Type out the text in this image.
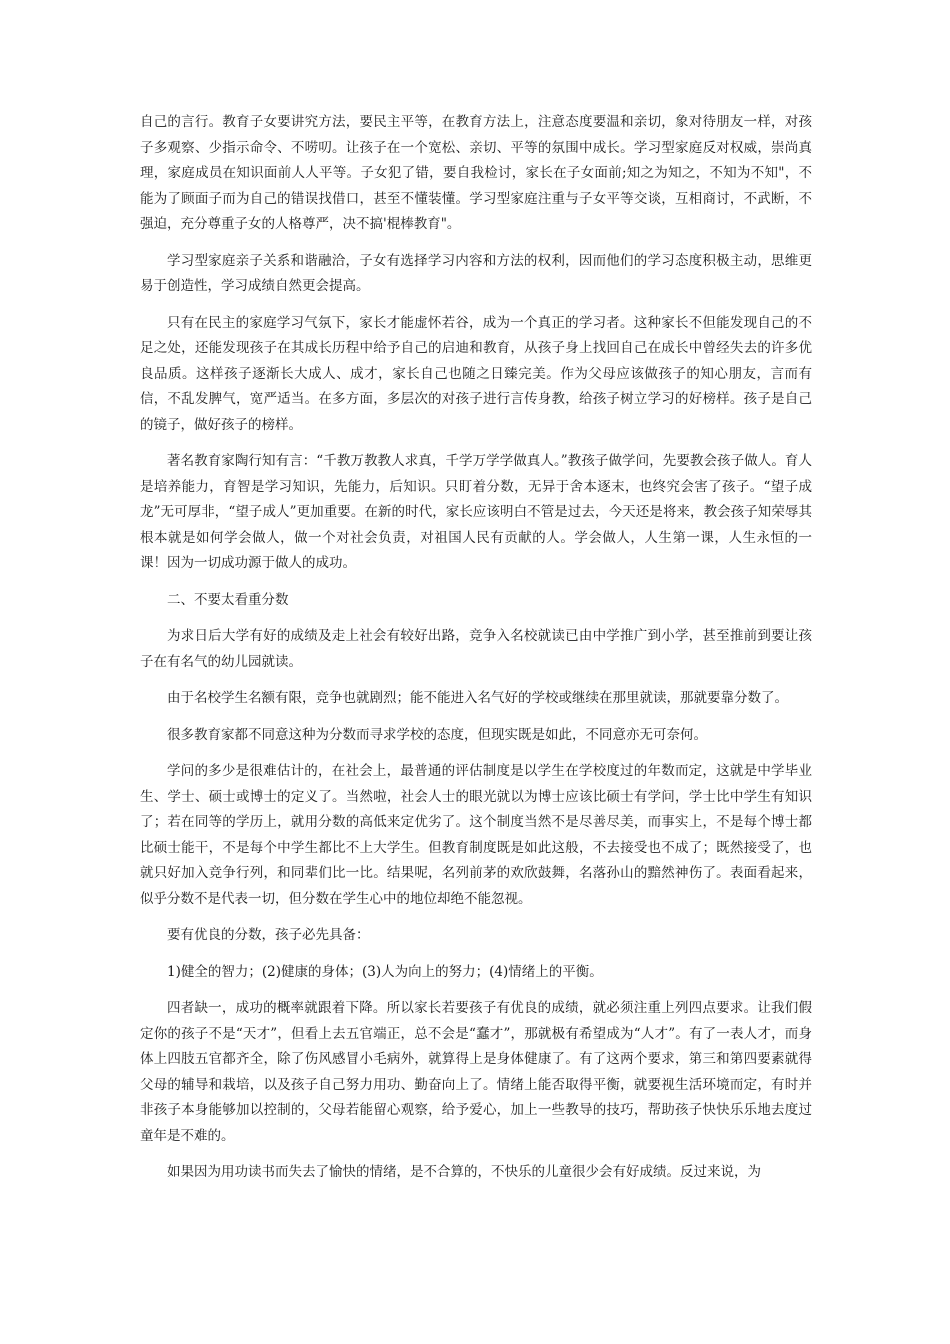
自己的言行。教育子女要讲究方法，要民主平等，在教育方法上，注意态度要温和亲切，象对待朋友一样，对孩子多观察、少指示命令、不唠叨。让孩子在一个宽松、亲切、平等的氛围中成长。学习型家庭反对权威，崇尚真理，家庭成员在知识面前人人平等。子女犯了错，要自我检讨，家长在子女面前;知之为知之，不知为不知"，不能为了顾面子而为自己的错误找借口，甚至不懂装懂。学习型家庭注重与子女平等交谈，互相商讨，不武断，不强迫，充分尊重子女的人格尊严，决不搞'棍棒教育"。

学习型家庭亲子关系和谐融洽，子女有选择学习内容和方法的权利，因而他们的学习态度积极主动，思维更易于创造性，学习成绩自然更会提高。

只有在民主的家庭学习气氛下，家长才能虚怀若谷，成为一个真正的学习者。这种家长不但能发现自己的不足之处，还能发现孩子在其成长历程中给予自己的启迪和教育，从孩子身上找回自己在成长中曾经失去的许多优良品质。这样孩子逐渐长大成人、成才，家长自己也随之日臻完美。作为父母应该做孩子的知心朋友，言而有信，不乱发脾气，宽严适当。在多方面，多层次的对孩子进行言传身教，给孩子树立学习的好榜样。孩子是自己的镜子，做好孩子的榜样。

著名教育家陶行知有言：“千教万教教人求真，千学万学学做真人。”教孩子做学问，先要教会孩子做人。育人是培养能力，育智是学习知识，先能力，后知识。只盯着分数，无异于舍本逐末，也终究会害了孩子。“望子成龙”无可厚非，“望子成人”更加重要。在新的时代，家长应该明白不管是过去，今天还是将来，教会孩子知荣辱其根本就是如何学会做人，做一个对社会负责，对祖国人民有贡献的人。学会做人，人生第一课，人生永恒的一课！因为一切成功源于做人的成功。

二、不要太看重分数

为求日后大学有好的成绩及走上社会有较好出路，竞争入名校就读已由中学推广到小学，甚至推前到要让孩子在有名气的幼儿园就读。

由于名校学生名额有限，竞争也就剧烈；能不能进入名气好的学校或继续在那里就读，那就要靠分数了。

很多教育家都不同意这种为分数而寻求学校的态度，但现实既是如此，不同意亦无可奈何。

学问的多少是很难估计的，在社会上，最普通的评估制度是以学生在学校度过的年数而定，这就是中学毕业生、学士、硕士或博士的定义了。当然啦，社会人士的眼光就以为博士应该比硕士有学问，学士比中学生有知识了；若在同等的学历上，就用分数的高低来定优劣了。这个制度当然不是尽善尽美，而事实上，不是每个博士都比硕士能干，不是每个中学生都比不上大学生。但教育制度既是如此这般，不去接受也不成了；既然接受了，也就只好加入竞争行列，和同辈们比一比。结果呢，名列前茅的欢欣鼓舞，名落孙山的黯然神伤了。表面看起来，似乎分数不是代表一切，但分数在学生心中的地位却绝不能忽视。

要有优良的分数，孩子必先具备：

1)健全的智力；(2)健康的身体；(3)人为向上的努力；(4)情绪上的平衡。

四者缺一，成功的概率就跟着下降。所以家长若要孩子有优良的成绩，就必须注重上列四点要求。让我们假定你的孩子不是“天才”，但看上去五官端正，总不会是“蠢才”，那就极有希望成为“人才”。有了一表人才，而身体上四肢五官都齐全，除了伤风感冒小毛病外，就算得上是身体健康了。有了这两个要求，第三和第四要素就得父母的辅导和栽培，以及孩子自己努力用功、勤奋向上了。情绪上能否取得平衡，就要视生活环境而定，有时并非孩子本身能够加以控制的，父母若能留心观察，给予爱心，加上一些教导的技巧，帮助孩子快快乐乐地去度过童年是不难的。

如果因为用功读书而失去了愉快的情绪，是不合算的，不快乐的儿童很少会有好成绩。反过来说，为
